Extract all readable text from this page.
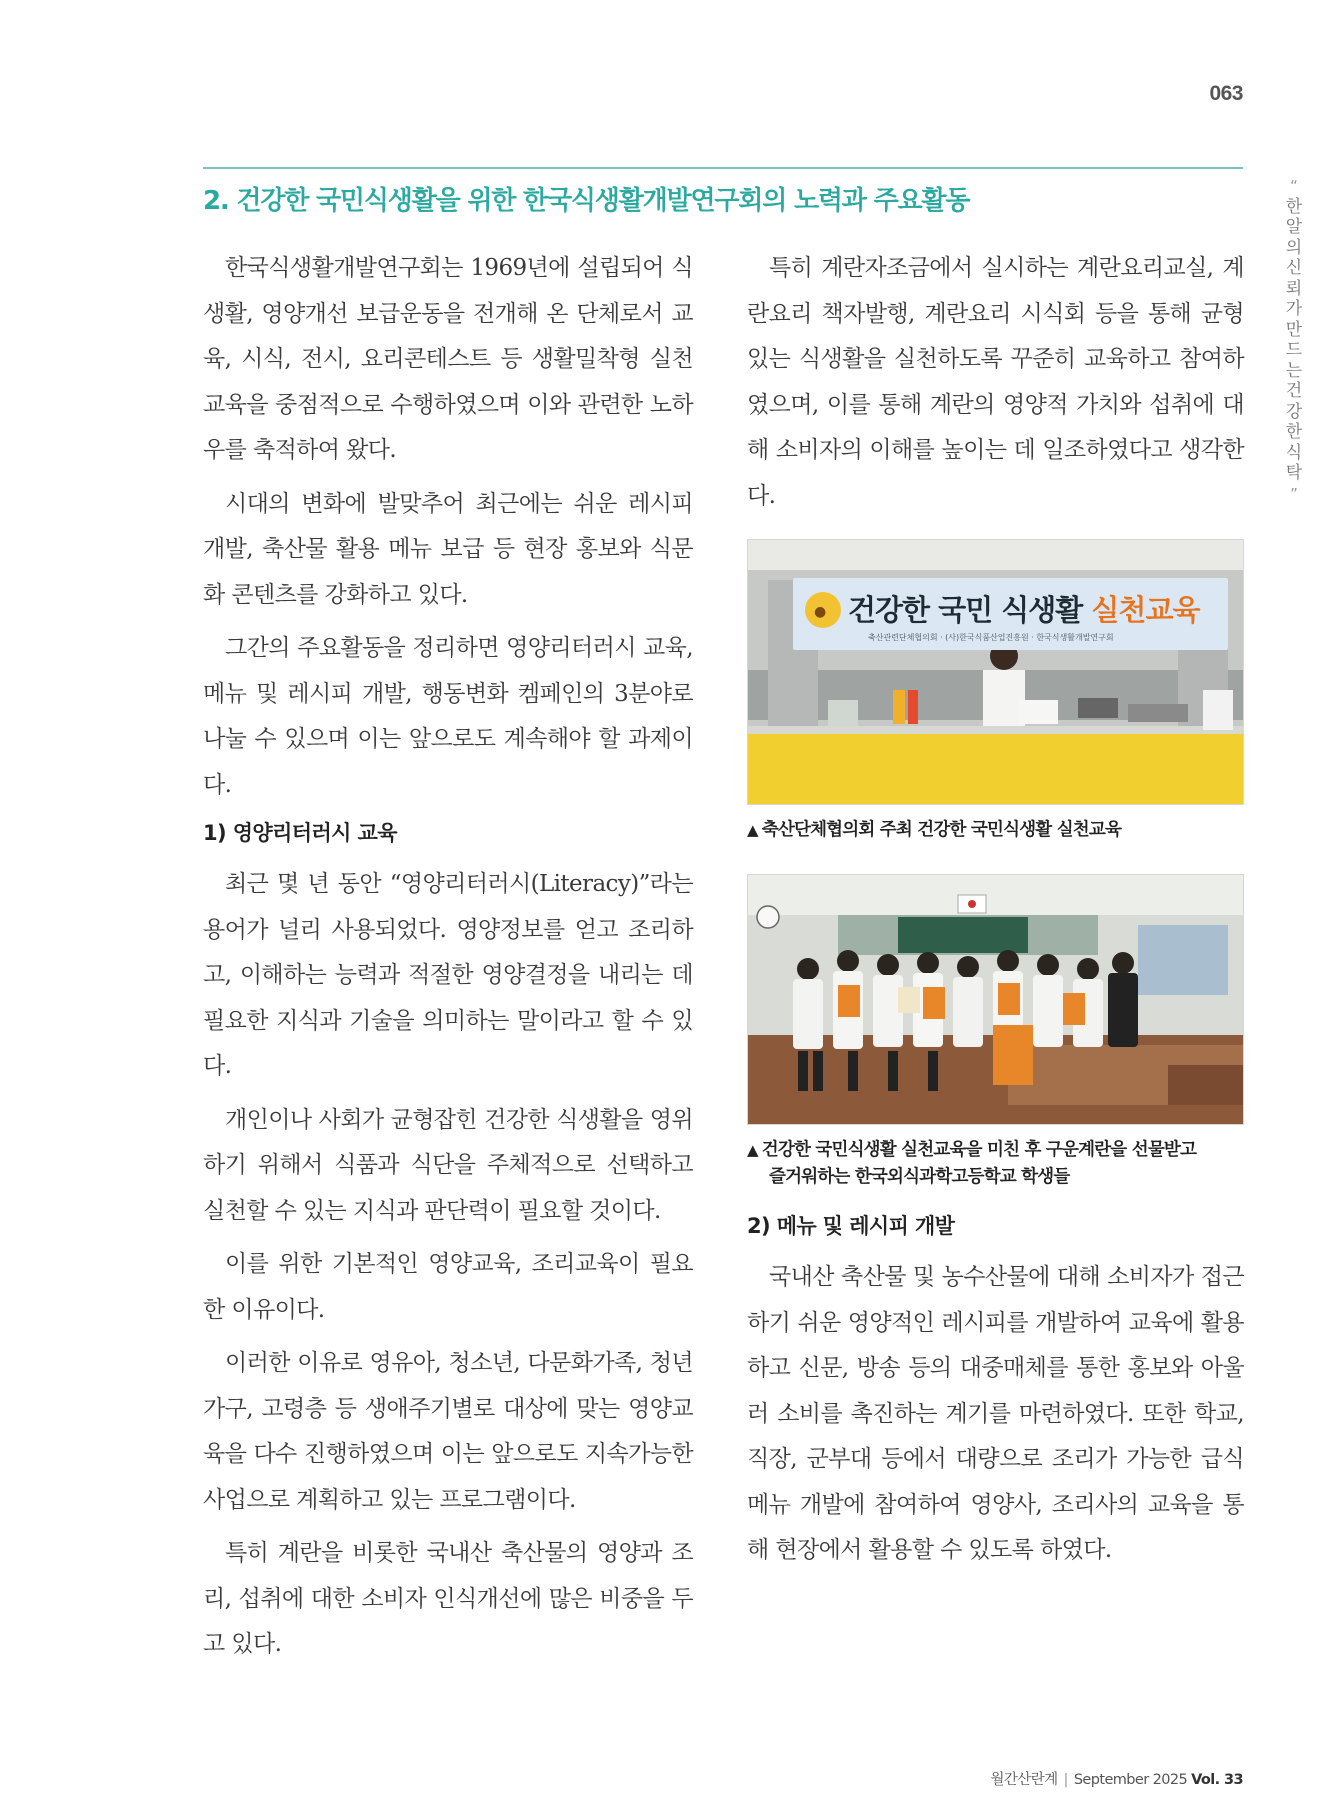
063
2. 건강한 국민식생활을 위한 한국식생활개발연구회의 노력과 주요활동	“
한알의신뢰가만드는건강한식탁
”

한국식생활개발연구회는 1969년에 설립되어 식생활, 영양개선 보급운동을 전개해 온 단체로서 교육, 시식, 전시, 요리콘테스트 등 생활밀착형 실천교육을 중점적으로 수행하였으며 이와 관련한 노하우를 축적하여 왔다.

시대의 변화에 발맞추어 최근에는 쉬운 레시피 개발, 축산물 활용 메뉴 보급 등 현장 홍보와 식문화 콘텐츠를 강화하고 있다.

그간의 주요활동을 정리하면 영양리터러시 교육, 메뉴 및 레시피 개발, 행동변화 켐페인의 3분야로 나눌 수 있으며 이는 앞으로도 계속해야 할 과제이다.

1) 영양리터러시 교육

최근 몇 년 동안 “영양리터러시(Literacy)”라는 용어가 널리 사용되었다. 영양정보를 얻고 조리하고, 이해하는 능력과 적절한 영양결정을 내리는 데 필요한 지식과 기술을 의미하는 말이라고 할 수 있다.

개인이나 사회가 균형잡힌 건강한 식생활을 영위하기 위해서 식품과 식단을 주체적으로 선택하고 실천할 수 있는 지식과 판단력이 필요할 것이다.

이를 위한 기본적인 영양교육, 조리교육이 필요한 이유이다.

이러한 이유로 영유아, 청소년, 다문화가족, 청년가구, 고령층 등 생애주기별로 대상에 맞는 영양교육을 다수 진행하였으며 이는 앞으로도 지속가능한 사업으로 계획하고 있는 프로그램이다.

특히 계란을 비롯한 국내산 축산물의 영양과 조리, 섭취에 대한 소비자 인식개선에 많은 비중을 두고 있다.

특히 계란자조금에서 실시하는 계란요리교실, 계란요리 책자발행, 계란요리 시식회 등을 통해 균형 있는 식생활을 실천하도록 꾸준히 교육하고 참여하였으며, 이를 통해 계란의 영양적 가치와 섭취에 대해 소비자의 이해를 높이는 데 일조하였다고 생각한다.

● 건강한 국민 식생활 실천교육
축산관련단체협의회 · (사)한국식품산업진흥원 · 한국식생활개발연구회
▲ 축산단체협의회 주최 건강한 국민식생활 실천교육
▲ 건강한 국민식생활 실천교육을 미친 후 구운계란을 선물받고
즐거워하는 한국외식과학고등학교 학생들
2) 메뉴 및 레시피 개발

국내산 축산물 및 농수산물에 대해 소비자가 접근하기 쉬운 영양적인 레시피를 개발하여 교육에 활용하고 신문, 방송 등의 대중매체를 통한 홍보와 아울러 소비를 촉진하는 계기를 마련하였다. 또한 학교, 직장, 군부대 등에서 대량으로 조리가 가능한 급식메뉴 개발에 참여하여 영양사, 조리사의 교육을 통해 현장에서 활용할 수 있도록 하였다.

월간산란계 | September 2025 Vol. 33
